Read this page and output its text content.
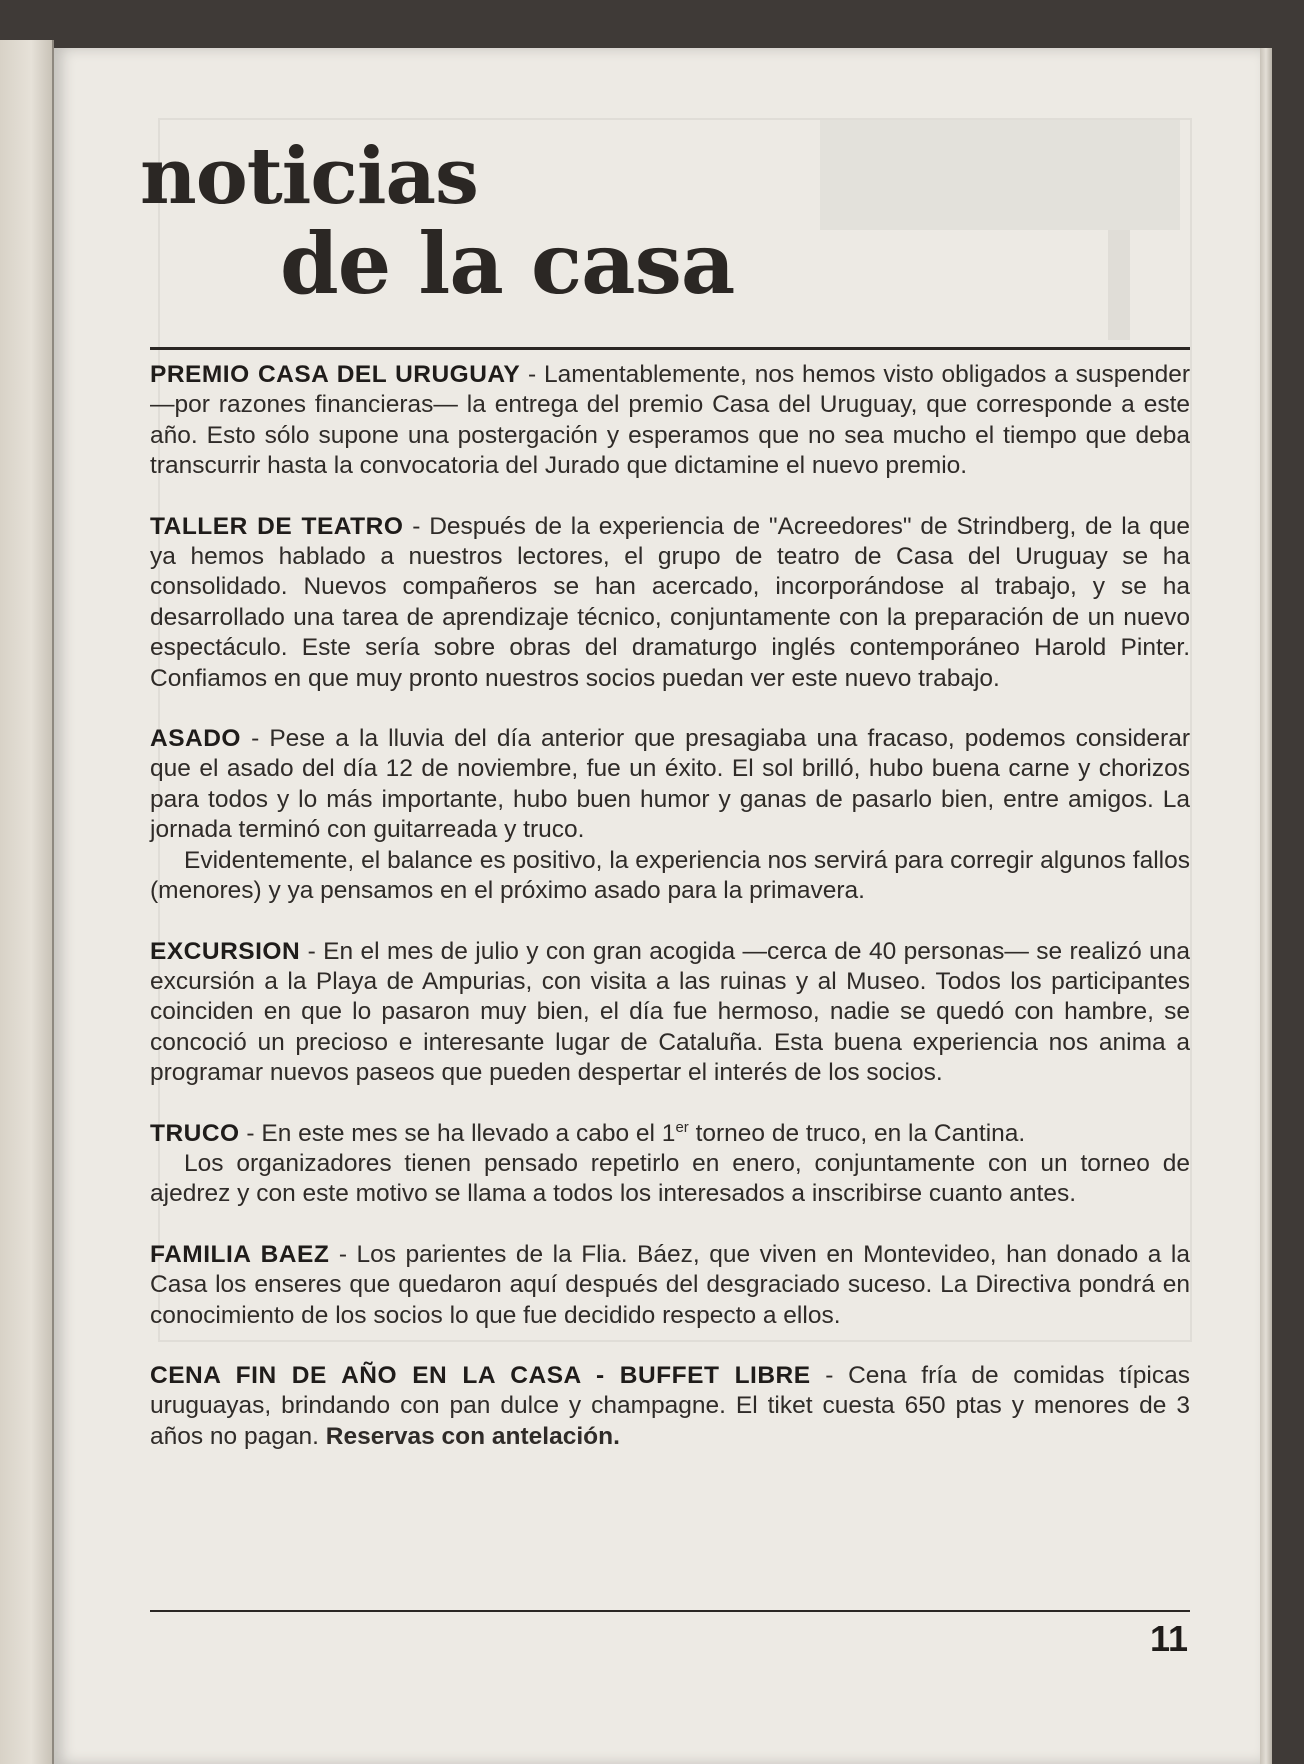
noticias
de la casa

PREMIO CASA DEL URUGUAY - Lamentablemente, nos hemos visto obligados a suspender —por razones financieras— la entrega del premio Casa del Uruguay, que corresponde a este año. Esto sólo supone una postergación y esperamos que no sea mucho el tiempo que deba transcurrir hasta la convocatoria del Jurado que dictamine el nuevo premio.

TALLER DE TEATRO - Después de la experiencia de "Acreedores" de Strindberg, de la que ya hemos hablado a nuestros lectores, el grupo de teatro de Casa del Uruguay se ha consolidado. Nuevos compañeros se han acercado, incorporándose al trabajo, y se ha desarrollado una tarea de aprendizaje técnico, conjuntamente con la preparación de un nuevo espectáculo. Este sería sobre obras del dramaturgo inglés contemporáneo Harold Pinter. Confiamos en que muy pronto nuestros socios puedan ver este nuevo trabajo.

ASADO - Pese a la lluvia del día anterior que presagiaba una fracaso, podemos considerar que el asado del día 12 de noviembre, fue un éxito. El sol brilló, hubo buena carne y chorizos para todos y lo más importante, hubo buen humor y ganas de pasarlo bien, entre amigos. La jornada terminó con guitarreada y truco.

Evidentemente, el balance es positivo, la experiencia nos servirá para corregir algunos fallos (menores) y ya pensamos en el próximo asado para la primavera.

EXCURSION - En el mes de julio y con gran acogida —cerca de 40 personas— se realizó una excursión a la Playa de Ampurias, con visita a las ruinas y al Museo. Todos los participantes coinciden en que lo pasaron muy bien, el día fue hermoso, nadie se quedó con hambre, se concoció un precioso e interesante lugar de Cataluña. Esta buena experiencia nos anima a programar nuevos paseos que pueden despertar el interés de los socios.

TRUCO - En este mes se ha llevado a cabo el 1er torneo de truco, en la Cantina.

Los organizadores tienen pensado repetirlo en enero, conjuntamente con un torneo de ajedrez y con este motivo se llama a todos los interesados a inscribirse cuanto antes.

FAMILIA BAEZ - Los parientes de la Flia. Báez, que viven en Montevideo, han donado a la Casa los enseres que quedaron aquí después del desgraciado suceso. La Directiva pondrá en conocimiento de los socios lo que fue decidido respecto a ellos.

CENA FIN DE AÑO EN LA CASA - BUFFET LIBRE - Cena fría de comidas típicas uruguayas, brindando con pan dulce y champagne. El tiket cuesta 650 ptas y menores de 3 años no pagan. Reservas con antelación.

11
